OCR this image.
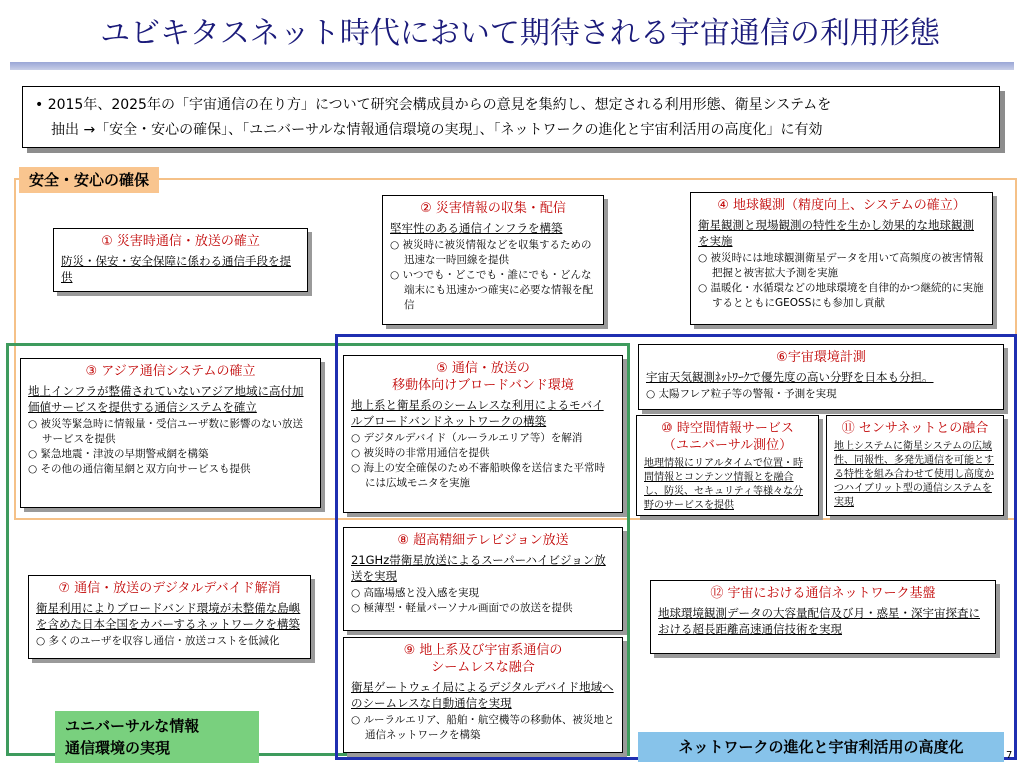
ユビキタスネット時代において期待される宇宙通信の利用形態
• 2015年、2025年の「宇宙通信の在り方」について研究会構成員からの意見を集約し、想定される利用形態、衛星システムを
抽出 →「安全・安心の確保」、「ユニバーサルな情報通信環境の実現」、「ネットワークの進化と宇宙利活用の高度化」に有効
安全・安心の確保
① 災害時通信・放送の確立
防災・保安・安全保障に係わる通信手段を提供
② 災害情報の収集・配信
堅牢性のある通信インフラを構築
○ 被災時に被災情報などを収集するための迅速な一時回線を提供
○ いつでも・どこでも・誰にでも・どんな端末にも迅速かつ確実に必要な情報を配信
④ 地球観測（精度向上、システムの確立）
衛星観測と現場観測の特性を生かし効果的な地球観測を実施
○ 被災時には地球観測衛星データを用いて高頻度の被害情報把握と被害拡大予測を実施
○ 温暖化・水循環などの地球環境を自律的かつ継続的に実施するとともにGEOSSにも参加し貢献
③ アジア通信システムの確立
地上インフラが整備されていないアジア地域に高付加価値サービスを提供する通信システムを確立
○ 被災等緊急時に情報量・受信ユーザ数に影響のない放送サービスを提供
○ 緊急地震・津波の早期警戒網を構築
○ その他の通信衛星網と双方向サービスも提供
⑤ 通信・放送の
移動体向けブロードバンド環境
地上系と衛星系のシームレスな利用によるモバイルブロードバンドネットワークの構築
○ デジタルデバイド（ルーラルエリア等）を解消
○ 被災時の非常用通信を提供
○ 海上の安全確保のため不審船映像を送信また平常時には広域モニタを実施
⑥宇宙環境計測
宇宙天気観測ﾈｯﾄﾜｰｸで優先度の高い分野を日本も分担。
○ 太陽フレア粒子等の警報・予測を実現
⑩ 時空間情報サービス
（ユニバーサル測位）
地理情報にリアルタイムで位置・時間情報とコンテンツ情報とを融合し、防災、セキュリティ等様々な分野のサービスを提供
⑪ センサネットとの融合
地上システムに衛星システムの広域性、同報性、多発先通信を可能とする特性を組み合わせて使用し高度かつハイブリット型の通信システムを実現
⑧ 超高精細テレビジョン放送
21GHz帯衛星放送によるスーパーハイビジョン放送を実現
○ 高臨場感と没入感を実現
○ 極薄型・軽量パーソナル画面での放送を提供
⑦ 通信・放送のデジタルデバイド解消
衛星利用によりブロードバンド環境が未整備な島嶼を含めた日本全国をカバーするネットワークを構築
○ 多くのユーザを収容し通信・放送コストを低減化
⑫ 宇宙における通信ネットワーク基盤
地球環境観測データの大容量配信及び月・惑星・深宇宙探査における超長距離高速通信技術を実現
⑨ 地上系及び宇宙系通信の
シームレスな融合
衛星ゲートウェイ局によるデジタルデバイド地域へのシームレスな自動通信を実現
○ ルーラルエリア、船舶・航空機等の移動体、被災地と通信ネットワークを構築
ユニバーサルな情報
通信環境の実現	ネットワークの進化と宇宙利活用の高度化	7
